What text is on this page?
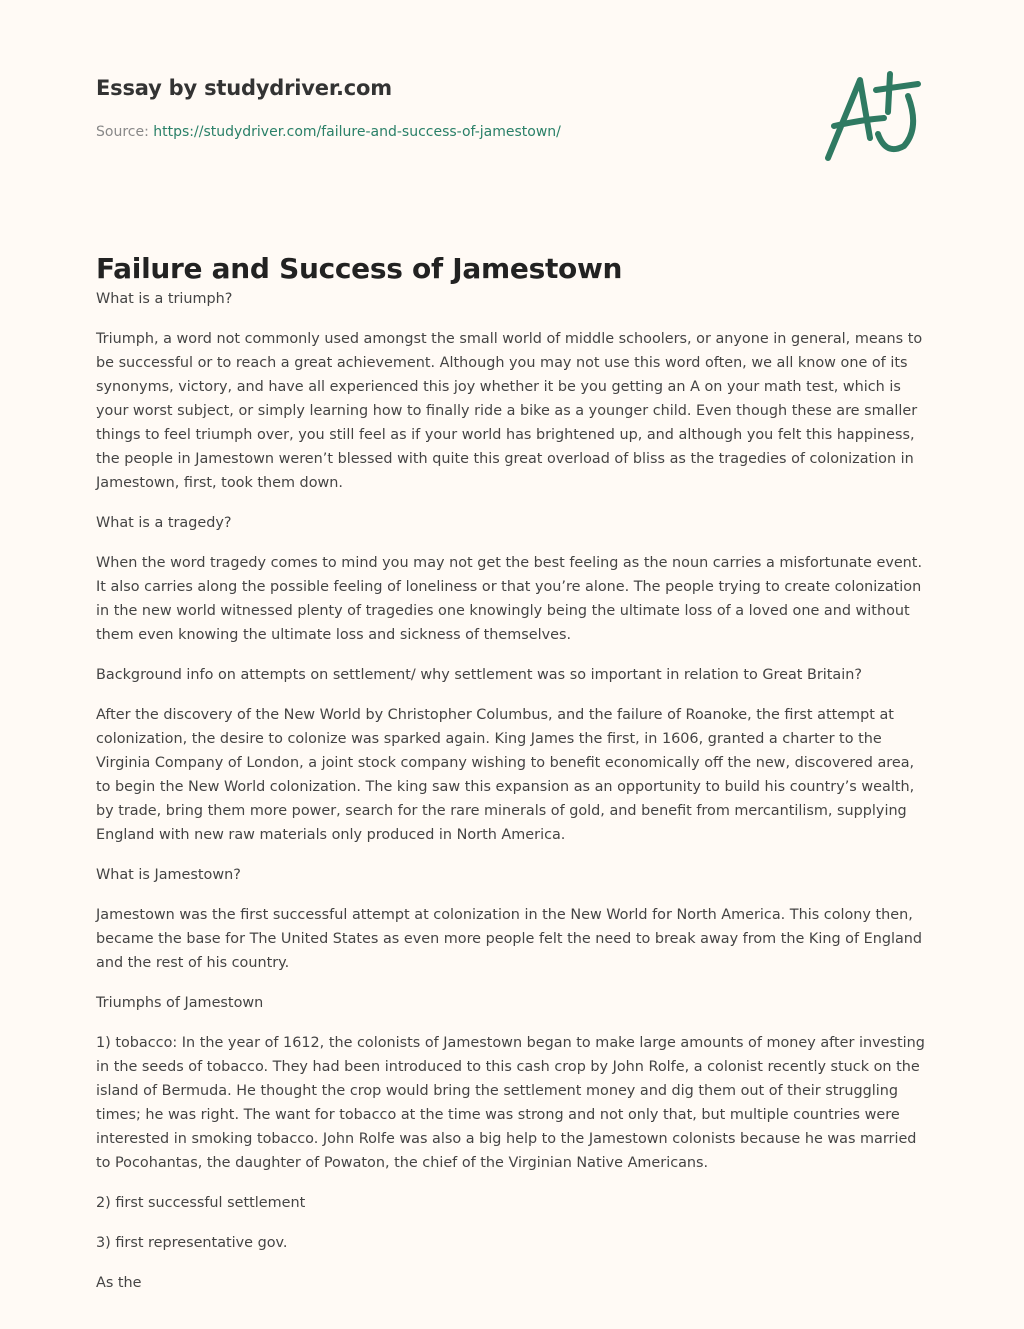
Essay by studydriver.com
Source: https://studydriver.com/failure-and-success-of-jamestown/
Failure and Success of Jamestown

What is a triumph?

Triumph, a word not commonly used amongst the small world of middle schoolers, or anyone in general, means to be successful or to reach a great achievement. Although you may not use this word often, we all know one of its synonyms, victory, and have all experienced this joy whether it be you getting an A on your math test, which is your worst subject, or simply learning how to finally ride a bike as a younger child. Even though these are smaller things to feel triumph over, you still feel as if your world has brightened up, and although you felt this happiness, the people in Jamestown weren’t blessed with quite this great overload of bliss as the tragedies of colonization in Jamestown, first, took them down.

What is a tragedy?

When the word tragedy comes to mind you may not get the best feeling as the noun carries a misfortunate event. It also carries along the possible feeling of loneliness or that you’re alone. The people trying to create colonization in the new world witnessed plenty of tragedies one knowingly being the ultimate loss of a loved one and without them even knowing the ultimate loss and sickness of themselves.

Background info on attempts on settlement/ why settlement was so important in relation to Great Britain?

After the discovery of the New World by Christopher Columbus, and the failure of Roanoke, the first attempt at colonization, the desire to colonize was sparked again. King James the first, in 1606, granted a charter to the Virginia Company of London, a joint stock company wishing to benefit economically off the new, discovered area, to begin the New World colonization. The king saw this expansion as an opportunity to build his country’s wealth, by trade, bring them more power, search for the rare minerals of gold, and benefit from mercantilism, supplying England with new raw materials only produced in North America.

What is Jamestown?

Jamestown was the first successful attempt at colonization in the New World for North America. This colony then, became the base for The United States as even more people felt the need to break away from the King of England and the rest of his country.

Triumphs of Jamestown

1) tobacco: In the year of 1612, the colonists of Jamestown began to make large amounts of money after investing in the seeds of tobacco. They had been introduced to this cash crop by John Rolfe, a colonist recently stuck on the island of Bermuda. He thought the crop would bring the settlement money and dig them out of their struggling times; he was right. The want for tobacco at the time was strong and not only that, but multiple countries were interested in smoking tobacco. John Rolfe was also a big help to the Jamestown colonists because he was married to Pocohantas, the daughter of Powaton, the chief of the Virginian Native Americans.

2) first successful settlement

3) first representative gov.

As the
